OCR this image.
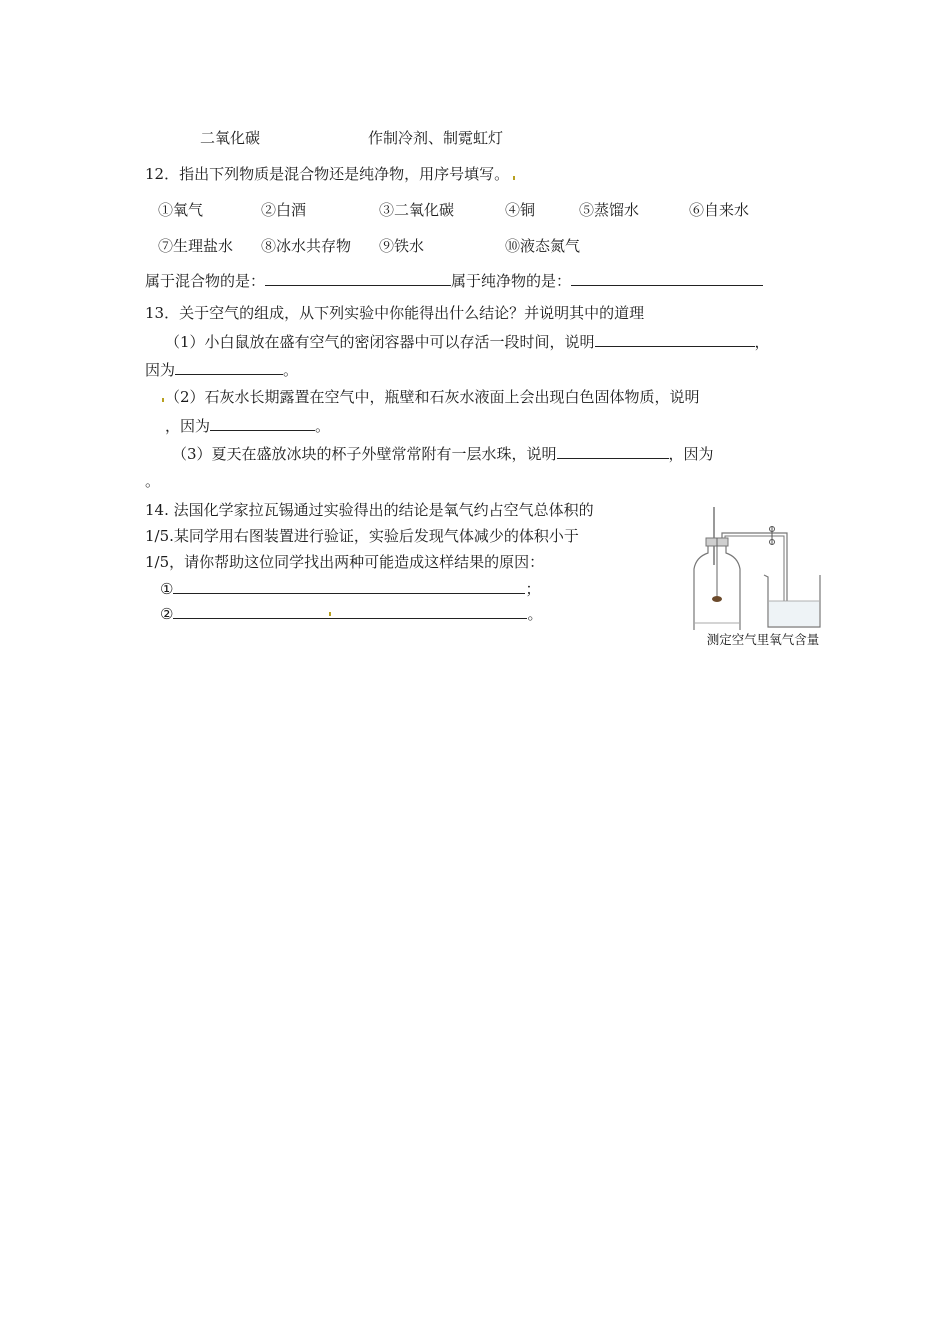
二氧化碳	作制冷剂、制霓虹灯
12．指出下列物质是混合物还是纯净物，用序号填写。
①氧气	②白酒	③二氧化碳	④铜	⑤蒸馏水	⑥自来水
⑦生理盐水 ⑧冰水共存物 ⑨铁水	⑩液态氮气
属于混合物的是：	属于纯净物的是：
13．关于空气的组成，从下列实验中你能得出什么结论？并说明其中的道理
（1）小白鼠放在盛有空气的密闭容器中可以存活一段时间，说明	，
因为	。
（2）石灰水长期露置在空气中，瓶壁和石灰水液面上会出现白色固体物质，说明
，因为	。
（3）夏天在盛放冰块的杯子外壁常常附有一层水珠，说明	，因为
。
14. 法国化学家拉瓦锡通过实验得出的结论是氧气约占空气总体积的
1/5.某同学用右图装置进行验证，实验后发现气体减少的体积小于
1/5，请你帮助这位同学找出两种可能造成这样结果的原因：
①	；
②	。
测定空气里氧气含量
